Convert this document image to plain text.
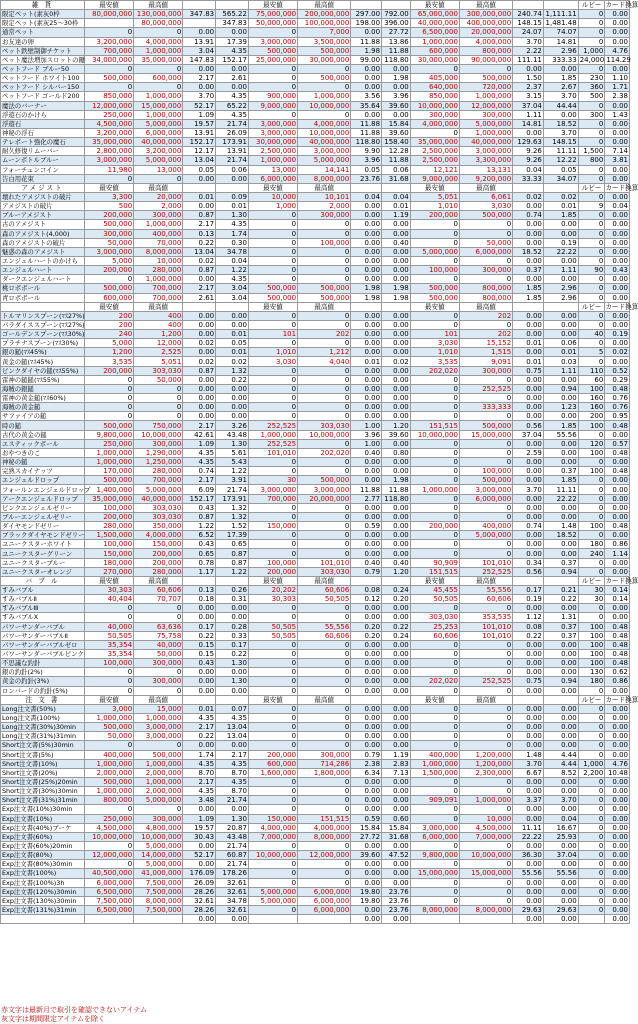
雑 貨	最安値	最高値			最安値	最高値			最安値	最高値			ルビー	カード換算
限定ペット(素灰0枠	80,000,000	130,000,000	347.83	565.22	75,000,000	200,000,000	297.00	792.00	65,000,000	300,000,000	240.74	1,111.11	0	0.00
限定ペット(素灰25～30枠		80,000,000		347.83	50,000,000	100,000,000	198.00	396.00	40,000,000	400,000,000	148.15	1,481.48	0	0.00
通常ペット	0	0	0.00	0.00	0	7,000	0.00	27.72	6,500,000	20,000,000	24.07	74.07	0	0.00
お友達の卵	3,200,000	4,000,000	13.91	17.39	3,000,000	3,500,000	11.88	13.86	1,000,000	4,000,000	3.70	14.81	0	0.00
ペット鉄壁制御チケット	700,000	1,000,000	3.04	4.35	500,000	500,000	1.98	11.88	600,000	800,000	2.22	2.96	1,000	4.76
ペット魔法増加スロットの鍵	34,000,000	35,000,000	147.83	152.17	25,000,000	30,000,000	99.00	118.80	30,000,000	90,000,000	111.11	333.33	24,000	114.29
ペットフード ブルー50	0	0	0.00	0.00	0	0	0.00	0.00	0	0	0.00	0.00	0	0.00
ペットフード ホワイト100	500,000	600,000	2.17	2.61	0	500,000	0.00	1.98	405,000	500,000	1.50	1.85	230	1.10
ペットフード シルバー150	0	0	0.00	0.00	0	0	0.00	0.00	640,000	720,000	2.37	2.67	360	1.71
ペットフード ゴールド200	850,000	1,000,000	3.70	4.35	900,000	1,000,000	3.56	3.96	850,000	1,000,000	3.15	3.70	500	2.38
魔法のバーナー	12,000,000	15,000,000	52.17	65.22	9,000,000	10,000,000	35.64	39.60	10,000,000	12,000,000	37.04	44.44	0	0.00
浮遊石のかけら	250,000	1,000,000	1.09	4.35	0	0	0.00	0.00	300,000	300,000	1.11	0.00	300	1.43
浮遊石	4,500,000	5,000,000	19.57	21.74	3,000,000	4,000,000	11.88	15.84	4,000,000	5,000,000	14.81	18.52	0	0.00
神秘の浮石	3,200,000	6,000,000	13.91	26.09	3,000,000	10,000,000	11.88	39.60	0	1,000,000	0.00	3.70	0	0.00
テレポート強化の魔石	35,000,000	40,000,000	152.17	173.91	30,000,000	40,000,000	118.80	158.40	35,000,000	40,000,000	129.63	148.15	0	0.00
耐久修復リムーバー	2,800,000	3,200,000	12.17	13.91	2,500,000	3,000,000	9.90	12.28	2,500,000	3,000,000	9.26	11.11	1,500	7.14
ムーンボトルブルー	3,000,000	5,000,000	13.04	21.74	1,000,000	5,000,000	3.96	11.88	2,500,000	3,300,000	9.26	12.22	800	3.81
フォーチュンコイン	11,980	13,000	0.05	0.06	13,000	14,141	0.05	0.06	12,121	13,131	0.04	0.05	0	0.00
告白用花束	0	0	0.00	0.00	6,000,000	8,000,000	23.76	31.68	9,000,000	9,200,000	33.33	34.07	0	0.00
アメジスト	最安値	最高値			最安値	最高値			最安値	最高値			ルビー	カード換算
壊れたアメジストの破片	3,300	20,000	0.01	0.09	10,000	10,101	0.04	0.04	5,051	6,061	0.02	0.02	0	0.00
アメジストの破片	500	2,000	0.00	0.01	1,000	2,000	0.00	0.01	1,010	3,030	0.00	0.01	9	0.04
ブルーアメジスト	200,000	300,000	0.87	1.30	0	300,000	0.00	1.19	200,000	500,000	0.74	1.85	0	0.00
古のアメジスト	500,000	1,000,000	2.17	4.35	0	0	0.00	0.00	0	0	0.00	0.00	0	0.00
森のアメジスト(4,000)	300,000	400,000	0.13	1.74	0	0	0.00	0.00	0	0	0.00	0.00	0	0.00
森のアメジストの破片	50,000	70,000	0.22	0.30	0	100,000	0.00	0.40	0	50,000	0.00	0.19	0	0.00
魅惑の森のアメジスト	3,000,000	8,000,000	13.04	34.78	0	0	0.00	0.00	5,000,000	6,000,000	18.52	22.22	0	0.00
エンジェルハートのかけら	5,000	10,000	0.02	0.04	0	0	0.00	0.00	0	0	0.00	0.00	0	0.00
エンジェルハート	200,000	280,000	0.87	1.22	0	0	0.00	0.00	100,000	300,000	0.37	1.11	90	0.43
ダークエンジェルハート	0	1,000,000	0.00	4.35	0	0	0.00	0.00	0	0	0.00	0.00	0	0.00
桃ロボボール	500,000	700,000	2.17	3.04	500,000	500,000	1.98	1.98	500,000	800,000	1.85	2.96	0	0.00
青ロボボール	600,000	700,000	2.61	3.04	500,000	500,000	1.98	1.98	500,000	800,000	1.85	2.96	0	0.00
	最安値	最高値			最安値	最高値			最安値	最高値			ルビー	カード換算
トルマリンスプーン(ﾏｽ27%)	200	400	0.00	0.00	0	0	0.00	0.00	0	202	0.00	0.00	0	0.00
パラダイススプーン(ﾏｽ27%)	200	400	0.00	0.00	0	0	0.00	0.00	0	0	0.00	0.00	0	0.00
ゴールデンスプーン(ﾏｽ30%)	240	1,200	0.00	0.01	101	202	0.00	0.00	101	202	0.00	0.00	40	0.19
プラチナスプーン(ﾏｽ30%)	5,000	12,000	0.02	0.05	0	0	0.00	0.00	3,030	15,152	0.01	0.06	0	0.00
銀の鎚(ﾏｽ45%)	1,200	2,525	0.00	0.01	1,010	1,212	0.00	0.00	1,010	1,515	0.00	0.01	5	0.02
黄金の鎚(ﾏｽ45%)	3,535	5,051	0.02	0.02	3,030	4,040	0.01	0.02	3,535	9,091	0.01	0.03	0	0.00
ピンクダイヤの鎚(ﾏｽ55%)	200,000	303,030	0.87	1.32	0	0	0.00	0.00	202,020	300,000	0.75	1.11	110	0.52
雷神の鎚鎚(ﾏｽ55%)	0	50,000	0.00	0.22	0	0	0.00	0.00	0	0	0.00	0.00	60	0.29
海賊の銀鎚	0	0	0.00	0.00	0	0	0.00	0.00	0	252,525	0.00	0.94	100	0.48
雷神の黄金鎚(ﾏｽ60%)	0	0	0.00	0.00	0	0	0.00	0.00	0	0	0.00	0.00	160	0.76
海賊の黄金鎚	0	0	0.00	0.00	0	0	0.00	0.00	0	333,333	0.00	1.23	160	0.76
サファイアの鎚	0	0	0.00	0.00	0	0	0.00	0.00	0	0	0.00	0.00	200	0.95
時の鎚	500,000	750,000	2.17	3.26	252,525	303,030	1.00	1.20	151,515	500,000	0.56	1.85	100	0.48
古代の黄金の鎚	9,800,000	10,000,000	42.61	43.48	1,000,000	10,000,000	3.96	39.60	10,000,000	15,000,000	37.04	55.56	0	0.00
エスティックボール	250,000	300,000	1.09	1.30	252,525	0	1.00	0.00	0	0	0.00	0.00	120	0.57
おやつきのこ	1,000,000	1,290,000	4.35	5.61	101,010	202,020	0.40	0.80	0	0	2.59	0.00	100	0.48
神秘の鎚	1,000,000	1,250,000	4.35	5.43	0	0	0.00	0.00	0	0	0.00	0.00	0	0.00
完熟スカイナッツ	170,000	280,000	0.74	1.22	0	0	0.00	0.00	0	100,000	0.00	0.37	100	0.48
エンジェルドロップ	500,000	700,000	2.17	3.91	30	500,000	0.00	1.98	0	500,000	0.00	1.85	0	0.00
フォールンエンジェルドロップ	1,400,000	5,000,000	6.09	21.74	3,000,000	3,000,000	11.88	11.88	1,000,000	3,000,000	3.70	11.11	0	0.00
アークエンジェルドロップ	35,000,000	40,000,000	152.17	173.91	700,000	20,000,000	2.77	118.80	0	6,000,000	0.00	22.22	0	0.00
ピンクエンジェルゼリー	100,000	303,030	0.43	1.32	0	0	0.00	0.00	0	0	0.00	0.00	0	0.00
ブルーエンジェルゼリー	200,000	303,030	0.87	1.32	0	0	0.00	0.00	0	0	0.00	0.00	0	0.00
ダイヤモンドゼリー	280,000	350,000	1.22	1.52	150,000	0	0.59	0.00	200,000	400,000	0.74	1.48	100	0.48
ブラックダイヤモンドゼリー	1,500,000	4,000,000	6.52	17.39	0	0	0.00	0.00	0	5,000,000	0.00	18.52	0	0.00
ユニークスターホワイト	100,000	150,000	0.43	0.65	0	0	0.00	0.00	0	0	0.00	0.00	180	0.86
ユニークスターグリーン	150,000	200,000	0.65	0.87	0	0	0.00	0.00	0	0	0.00	0.00	240	1.14
ユニークスターブルー	180,000	200,000	0.78	0.87	100,000	101,010	0.40	0.40	90,909	101,010	0.34	0.37	0	0.00
ユニークスターオレンジ	270,000	280,000	1.17	1.22	200,000	303,030	0.79	1.20	151,515	252,525	0.56	0.94	0	0.00
バ ブ ル	最安値	最高値			最安値	最高値			最安値	最高値			ルビー	カード換算
すみバブル	30,303	60,606	0.13	0.26	20,202	60,606	0.08	0.24	45,455	55,556	0.17	0.21	30	0.14
すみバブルⅡ	40,404	70,707	0.18	0.31	30,303	50,505	0.12	0.20	50,505	60,606	0.19	0.22	30	0.14
すみバブルⅢ	0	0	0.00	0.00	0	0	0.00	0.00	0	0	0.00	0.00	0	0.00
すみバブルⅩ	0	0	0.00	0.00	0	0	0.00	0.00	303,030	353,535	1.12	1.31	0	0.00
パワーサンダーバブル	40,000	63,636	0.17	0.28	50,505	55,556	0.20	0.22	25,253	101,010	0.08	0.37	100	0.48
パワーサンダーバブルⅡ	50,505	75,758	0.22	0.33	50,505	60,606	0.20	0.24	60,606	101,010	0.22	0.37	100	0.48
パワーサンダーバブルゼロ	35,354	40,000	0.15	0.17	0	0	0.00	0.00	0	0	0.00	0.00	100	0.48
パワーサンダーバブルピンク	35,354	50,000	0.15	0.22	0	0	0.00	0.00	0	0	0.00	0.00	100	0.48
不思議な釣針	100,000	300,000	0.43	1.30	0	0	0.00	0.00	0	0	0.00	0.00	100	0.48
銀の釣針(2%)	0	0	0.00	0.00	0	0	0.00	0.00	0	0	0.00	0.00	130	0.62
黄金の釣針(3%)	0	300,000	0.00	1.30	0	0	0.00	0.00	202,020	252,525	0.75	0.94	180	0.86
ロンバードの釣針(5%)	0	0	0.00	0.00	0	0	0.00	0.00	0	0	0.00	0.00	0	0.00
注 文 書	最安値	最高値			最安値	最高値			最安値	最高値			ルビー	カード換算
Long注文書(50%)	3,000	15,000	0.01	0.07	0	0	0.00	0.00	0	0	0.00	0.00	0	0.00
Long注文書(100%)	1,000,000	1,000,000	4.35	4.35	0	0	0.00	0.00	0	0	0.00	0.00	0	0.00
Long注文書(30%)30min	500,000	3,000,000	2.17	13.04	0	0	0.00	0.00	0	0	0.00	0.00	0	0.00
Long注文書(31%)31min	50,000	3,000,000	0.22	13.04	0	0	0.00	0.00	0	0	0.00	0.00	0	0.00
Short注文書(5%)30min	0	0	0.00	0.00	0	0	0.00	0.00	0	0	0.00	0.00	0	0.00
Short注文書(5%)	400,000	500,000	1.74	2.17	200,000	300,000	0.79	1.19	400,000	1,200,000	1.48	4.44	0	0.00
Short注文書(10%)	1,000,000	1,000,000	4.35	4.35	600,000	714,286	2.38	2.83	1,000,000	1,200,000	3.70	4.44	1,000	4.76
Short注文書(20%)	2,000,000	2,000,000	8.70	8.70	1,600,000	1,800,000	6.34	7.13	1,500,000	2,300,000	6.67	8.52	2,200	10.48
Short注文書(25%)20min	500,000	1,000,000	2.17	4.35	0	0	0.00	0.00	0	0	0.00	0.00	0	0.00
Short注文書(30%)30min	1,000,000	2,000,000	4.35	8.70	0	0	0.00	0.00	0	0	0.00	0.00	0	0.00
Short注文書(31%)31min	800,000	5,000,000	3.48	21.74	0	0	0.00	0.00	909,091	1,000,000	3.37	3.70	0	0.00
Exp注文書(10%)30min	0	0	0.00	0.00	0	0	0.00	0.00	0	0	0.00	0.00	0	0.00
Exp注文書(10%)	250,000	300,000	1.09	1.30	150,000	151,515	0.59	0.60	0	10,000	0.00	0.04	0	0.00
Exp注文書(40%)ブーケ	4,500,000	4,800,000	19.57	20.87	4,000,000	4,000,000	15.84	15.84	3,000,000	4,500,000	11.11	16.67	0	0.00
Exp注文書(60%)	10,000,000	10,000,000	30.43	43.48	7,000,000	8,000,000	27.72	31.68	6,000,000	7,000,000	22.22	25.93	0	0.00
Exp注文書(60%)20min	0	5,000,000	0.00	21.74	0	0	0.00	0.00	0	0	0.00	0.00	0	0.00
Exp注文書(80%)	12,000,000	14,000,000	52.17	60.87	10,000,000	12,000,000	39.60	47.52	9,800,000	10,000,000	36.30	37.04	0	0.00
Exp注文書(80%)30min	0	5,000,000	0.00	21.74	0	0	0.00	0.00	0	0	0.00	0.00	0	0.00
Exp注文書(100%)	40,500,000	41,000,000	176.09	178.26	0	0	0.00	0.00	15,000,000	15,000,000	55.56	55.56	0	0.00
Exp注文書(100%)3h	6,000,000	7,500,000	26.09	32.61	0	0	0.00	0.00	0	0	0.00	0.00	0	0.00
Exp注文書(120%)30min	6,500,000	7,500,000	28.26	32.61	5,000,000	6,000,000	19.80	23.76	0	0	0.00	0.00	0	0.00
Exp注文書(130%)30min	7,500,000	8,000,000	32.61	34.78	5,000,000	6,000,000	19.80	23.76	0	0	0.00	0.00	0	0.00
Exp注文書(131%)31min	6,500,000	7,500,000	28.26	32.61	0	6,000,000	0.00	23.76	8,000,000	8,000,000	29.63	29.63	0	0.00
			0.00	0.00			0.00	0.00			0.00	0.00		0.00
赤文字は最新月で取引を確認できないアイテム
灰文字は期間限定アイテムを除く
